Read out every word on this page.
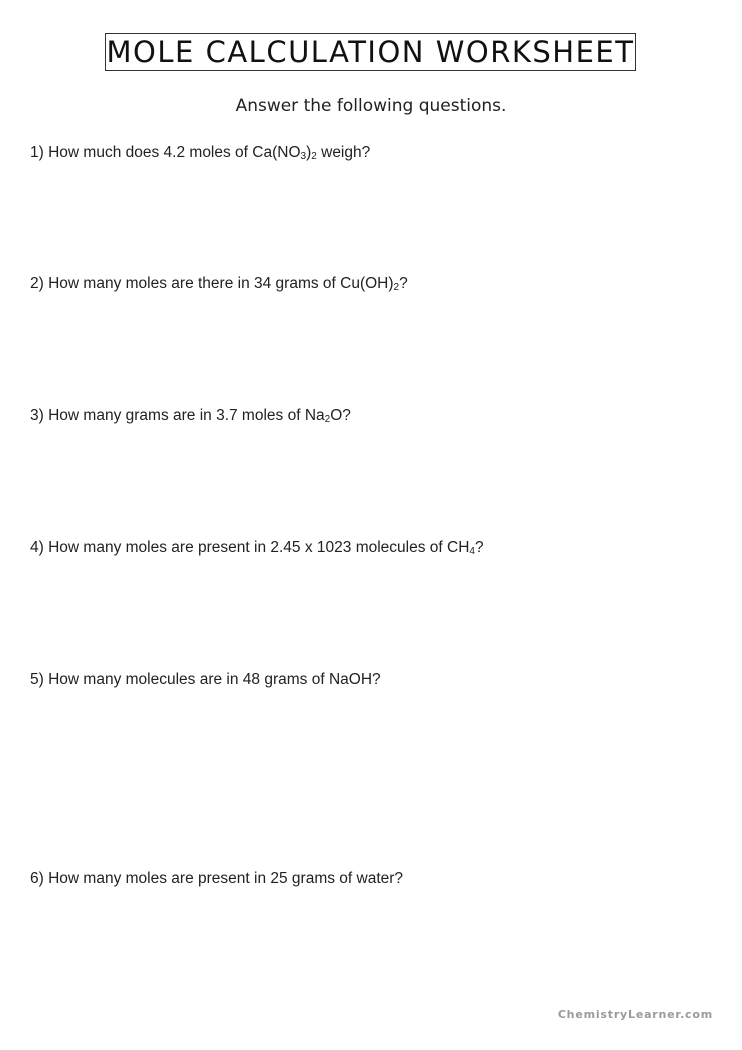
MOLE CALCULATION WORKSHEET

Answer the following questions.

1) How much does 4.2 moles of $Ca(NO_3)_2$ weigh?

2) How many moles are there in 34 grams of $Cu(OH)_2$?

3) How many grams are in 3.7 moles of $Na_2O$?

4) How many moles are present in 2.45 x 1023 molecules of $CH_4$?

5) How many molecules are in 48 grams of NaOH?

6) How many moles are present in 25 grams of water?

ChemistryLearner.com
